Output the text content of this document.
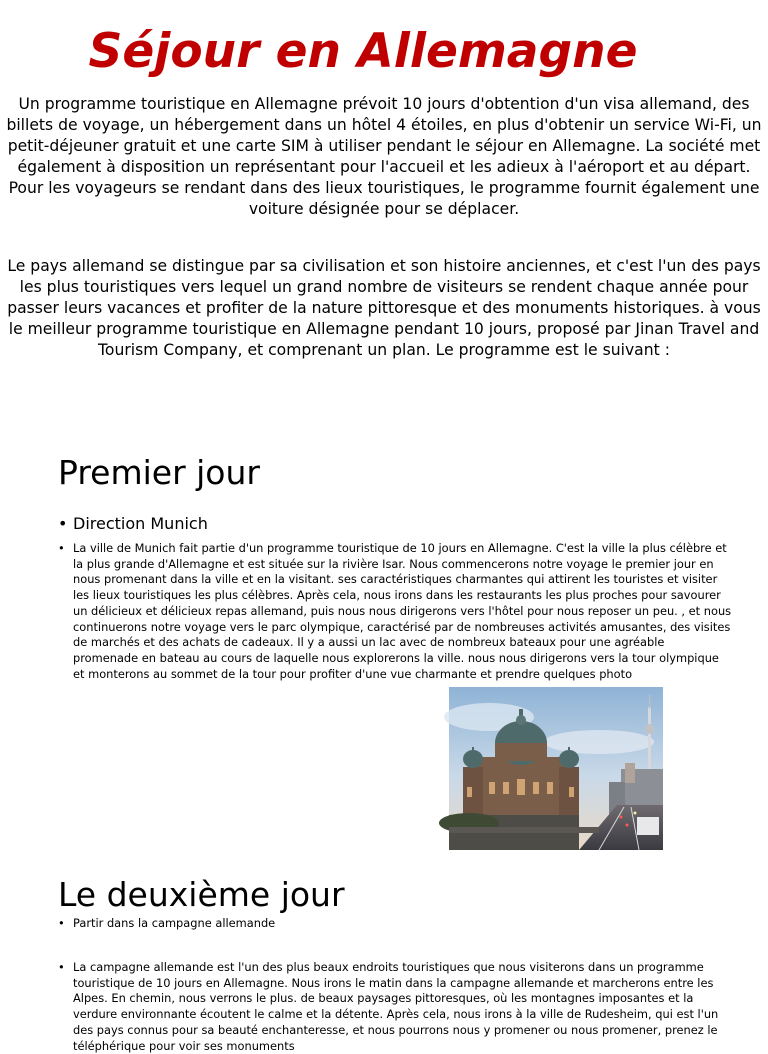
Séjour en Allemagne

Un programme touristique en Allemagne prévoit 10 jours d'obtention d'un visa allemand, des billets de voyage, un hébergement dans un hôtel 4 étoiles, en plus d'obtenir un service Wi-Fi, un petit-déjeuner gratuit et une carte SIM à utiliser pendant le séjour en Allemagne. La société met également à disposition un représentant pour l'accueil et les adieux à l'aéroport et au départ. Pour les voyageurs se rendant dans des lieux touristiques, le programme fournit également une voiture désignée pour se déplacer.

Le pays allemand se distingue par sa civilisation et son histoire anciennes, et c'est l'un des pays les plus touristiques vers lequel un grand nombre de visiteurs se rendent chaque année pour passer leurs vacances et profiter de la nature pittoresque et des monuments historiques. à vous le meilleur programme touristique en Allemagne pendant 10 jours, proposé par Jinan Travel and Tourism Company, et comprenant un plan. Le programme est le suivant :

Premier jour
• Direction Munich
• La ville de Munich fait partie d'un programme touristique de 10 jours en Allemagne. C'est la ville la plus célèbre et la plus grande d'Allemagne et est située sur la rivière Isar. Nous commencerons notre voyage le premier jour en nous promenant dans la ville et en la visitant. ses caractéristiques charmantes qui attirent les touristes et visiter les lieux touristiques les plus célèbres. Après cela, nous irons dans les restaurants les plus proches pour savourer un délicieux et délicieux repas allemand, puis nous nous dirigerons vers l'hôtel pour nous reposer un peu. , et nous continuerons notre voyage vers le parc olympique, caractérisé par de nombreuses activités amusantes, des visites de marchés et des achats de cadeaux. Il y a aussi un lac avec de nombreux bateaux pour une agréable promenade en bateau au cours de laquelle nous explorerons la ville. nous nous dirigerons vers la tour olympique et monterons au sommet de la tour pour profiter d'une vue charmante et prendre quelques photo
Le deuxième jour
• Partir dans la campagne allemande
• La campagne allemande est l'un des plus beaux endroits touristiques que nous visiterons dans un programme touristique de 10 jours en Allemagne. Nous irons le matin dans la campagne allemande et marcherons entre les Alpes. En chemin, nous verrons le plus. de beaux paysages pittoresques, où les montagnes imposantes et la verdure environnante écoutent le calme et la détente. Après cela, nous irons à la ville de Rudesheim, qui est l'un des pays connus pour sa beauté enchanteresse, et nous pourrons nous y promener ou nous promener, prenez le téléphérique pour voir ses monuments
